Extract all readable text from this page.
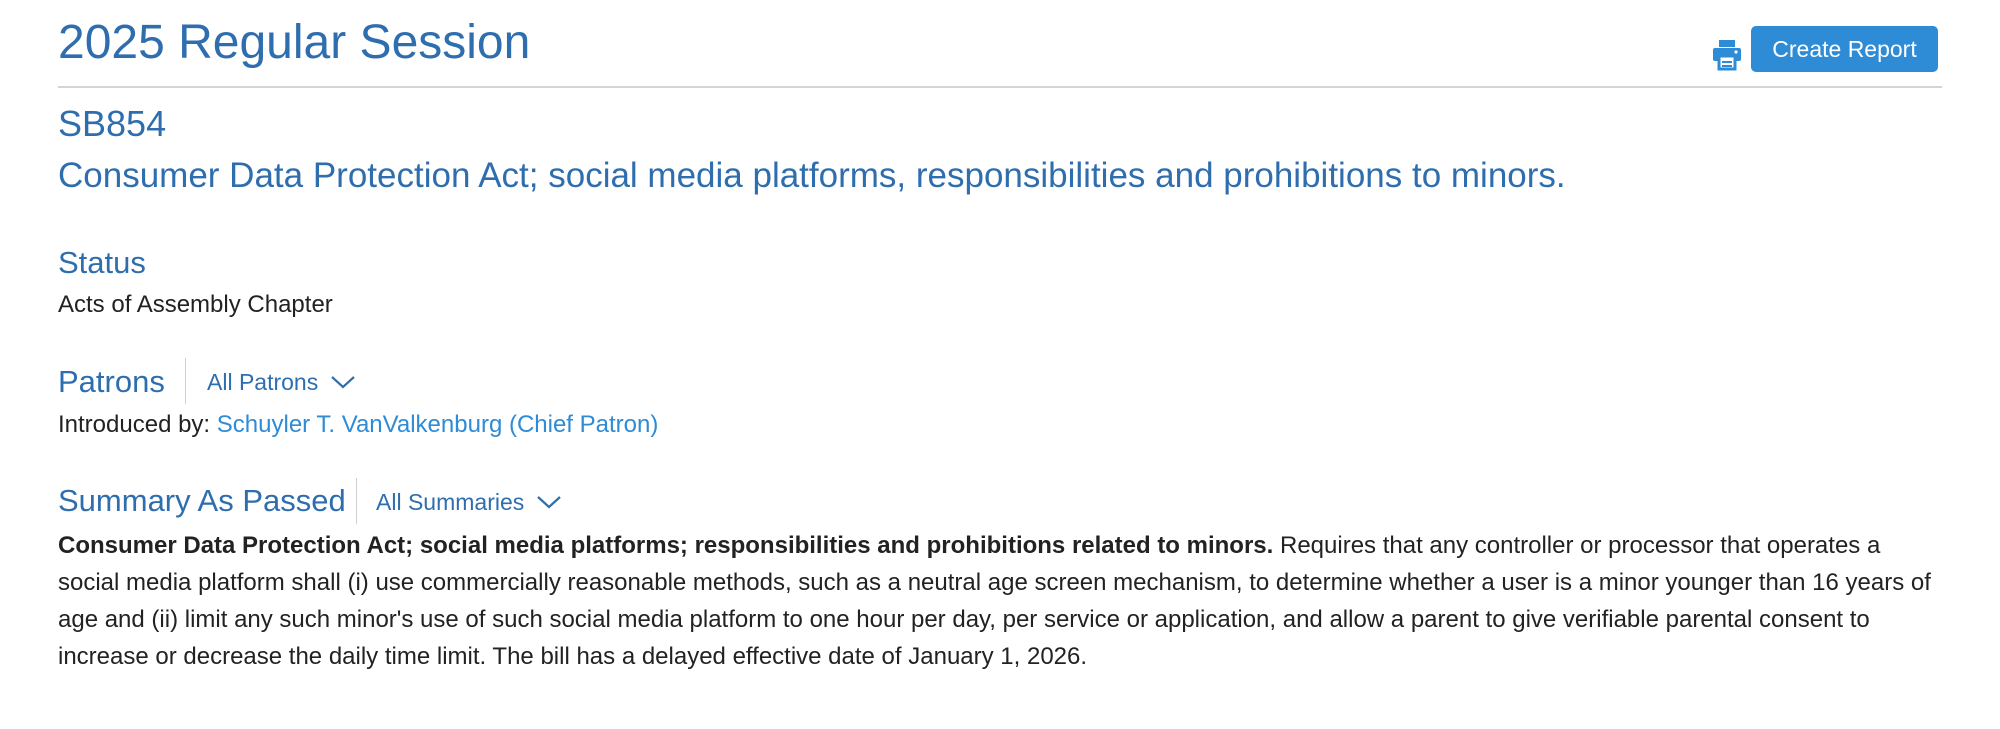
2025 Regular Session	Create Report
SB854
Consumer Data Protection Act; social media platforms, responsibilities and prohibitions to minors.
Status
Acts of Assembly Chapter
Patrons All Patrons
Introduced by: Schuyler T. VanValkenburg (Chief Patron)
Summary As Passed All Summaries

Consumer Data Protection Act; social media platforms; responsibilities and prohibitions related to minors. Requires that any controller or processor that operates a social media platform shall (i) use commercially reasonable methods, such as a neutral age screen mechanism, to determine whether a user is a minor younger than 16 years of age and (ii) limit any such minor's use of such social media platform to one hour per day, per service or application, and allow a parent to give verifiable parental consent to increase or decrease the daily time limit. The bill has a delayed effective date of January 1, 2026.
